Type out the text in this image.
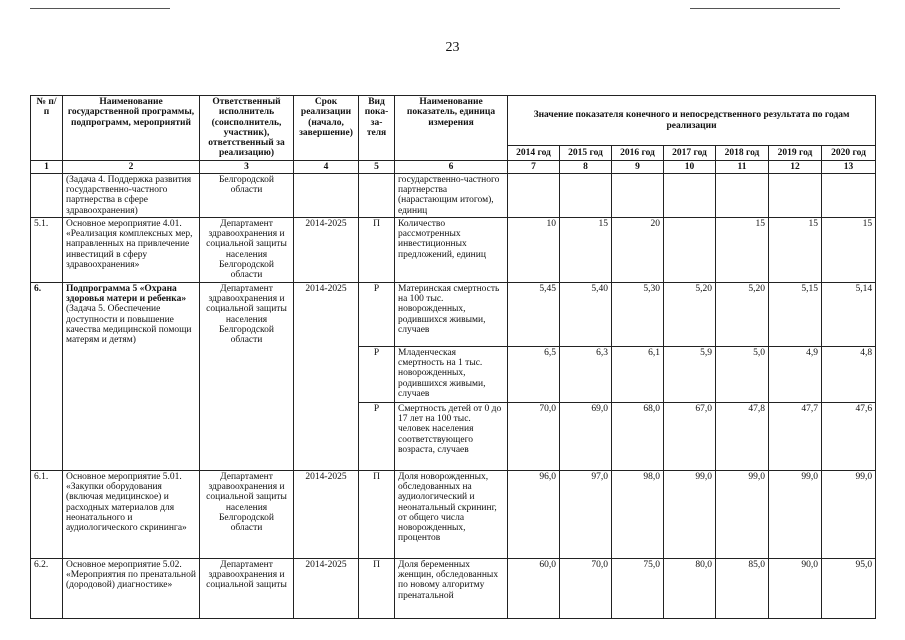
23
№ п/п	Наименование государственной программы, подпрограмм, мероприятий	Ответственный исполнитель (соисполнитель, участник), ответственный за реализацию)	Срок реализации (начало, завершение)	Вид пока- за- теля	Наименование показатель, единица измерения	Значение показателя конечного и непосредственного результата по годам реализации						
						2014 год	2015 год	2016 год	2017 год	2018 год	2019 год	2020 год
1	2	3	4	5	6	7	8	9	10	11	12	13
	(Задача 4. Поддержка развития государственно-частного партнерства в сфере здравоохранения)	Белгородской области			государственно-частного партнерства (нарастающим итогом), единиц							
5.1.	Основное мероприятие 4.01. «Реализация комплексных мер, направленных на привлечение инвестиций в сферу здравоохранения»	Департамент здравоохранения и социальной защиты населения Белгородской области	2014-2025	П	Количество рассмотренных инвестиционных предложений, единиц	10	15	20		15	15	15
6.	Подпрограмма 5 «Охрана здоровья матери и ребенка» (Задача 5. Обеспечение доступности и повышение качества медицинской помощи матерям и детям)	Департамент здравоохранения и социальной защиты населения Белгородской области	2014-2025	Р	Материнская смертность на 100 тыс. новорожденных, родившихся живыми, случаев	5,45	5,40	5,30	5,20	5,20	5,15	5,14
				Р	Младенческая смертность на 1 тыс. новорожденных, родившихся живыми, случаев	6,5	6,3	6,1	5,9	5,0	4,9	4,8
				Р	Смертность детей от 0 до 17 лет на 100 тыс. человек населения соответствующего возраста, случаев	70,0	69,0	68,0	67,0	47,8	47,7	47,6
6.1.	Основное мероприятие 5.01. «Закупки оборудования (включая медицинское) и расходных материалов для неонатального и аудиологического скрининга»	Департамент здравоохранения и социальной защиты населения Белгородской области	2014-2025	П	Доля новорожденных, обследованных на аудиологический и неонатальный скрининг, от общего числа новорожденных, процентов	96,0	97,0	98,0	99,0	99,0	99,0	99,0
6.2.	Основное мероприятие 5.02. «Мероприятия по пренатальной (дородовой) диагностике»	Департамент здравоохранения и социальной защиты	2014-2025	П	Доля беременных женщин, обследованных по новому алгоритму пренатальной	60,0	70,0	75,0	80,0	85,0	90,0	95,0
